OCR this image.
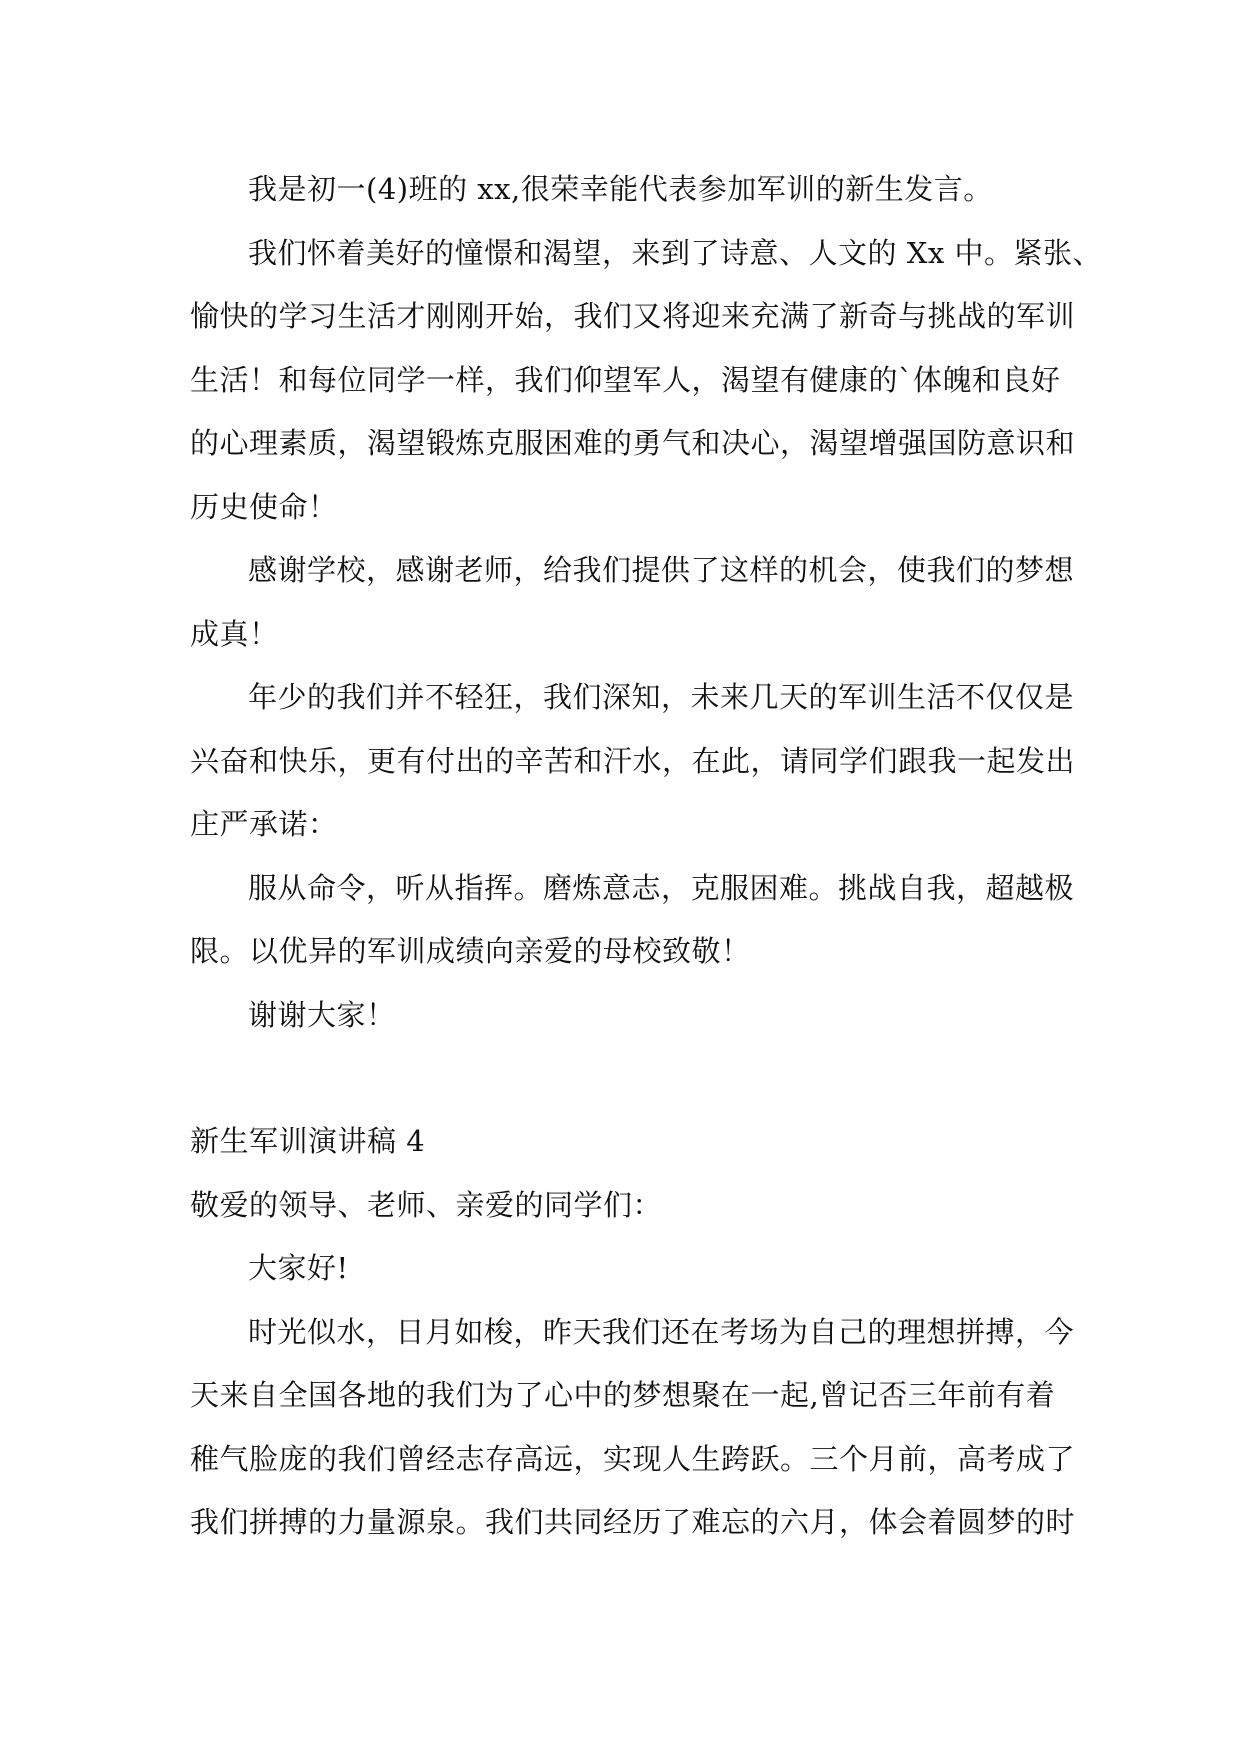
我是初一(4)班的 xx,很荣幸能代表参加军训的新生发言。
我们怀着美好的憧憬和渴望，来到了诗意、人文的 Xx 中。紧张、
愉快的学习生活才刚刚开始，我们又将迎来充满了新奇与挑战的军训
生活！和每位同学一样，我们仰望军人，渴望有健康的`体魄和良好
的心理素质，渴望锻炼克服困难的勇气和决心，渴望增强国防意识和
历史使命！
感谢学校，感谢老师，给我们提供了这样的机会，使我们的梦想
成真！
年少的我们并不轻狂，我们深知，未来几天的军训生活不仅仅是
兴奋和快乐，更有付出的辛苦和汗水，在此，请同学们跟我一起发出
庄严承诺：
服从命令，听从指挥。磨炼意志，克服困难。挑战自我，超越极
限。以优异的军训成绩向亲爱的母校致敬！
谢谢大家！
新生军训演讲稿 4
敬爱的领导、老师、亲爱的同学们：
大家好!
时光似水，日月如梭，昨天我们还在考场为自己的理想拼搏，今
天来自全国各地的我们为了心中的梦想聚在一起,曾记否三年前有着
稚气脸庞的我们曾经志存高远，实现人生跨跃。三个月前，高考成了
我们拼搏的力量源泉。我们共同经历了难忘的六月，体会着圆梦的时
